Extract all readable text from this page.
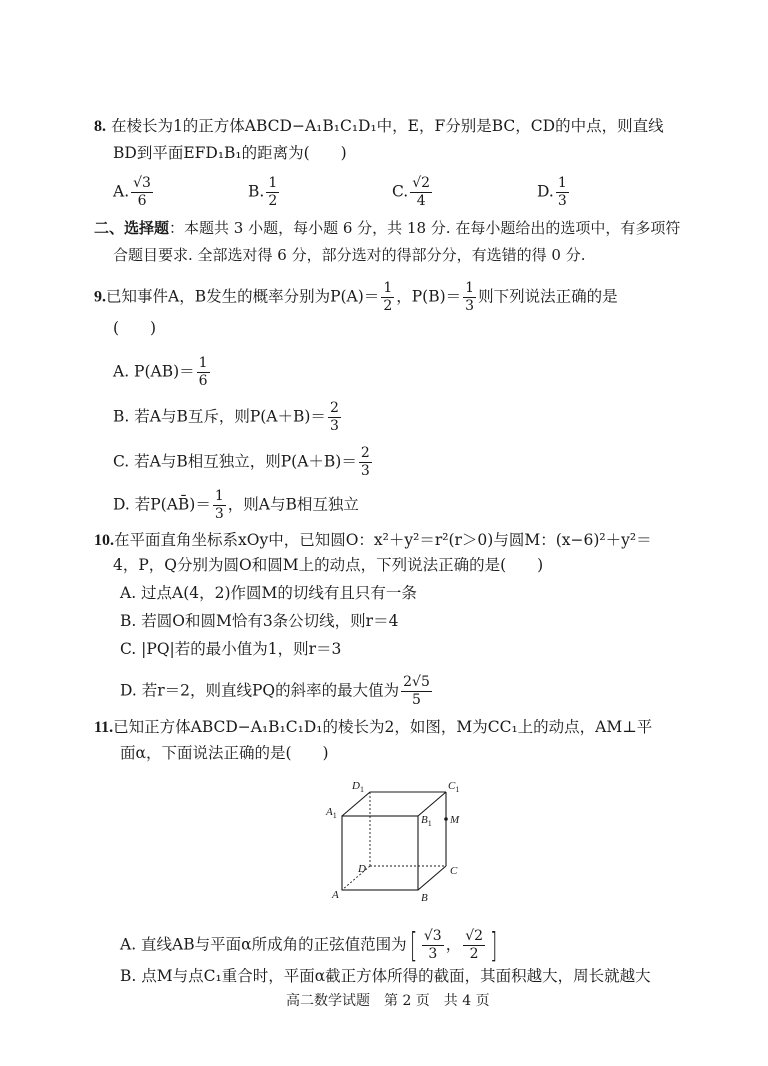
8. 在棱长为1的正方体ABCD−A₁B₁C₁D₁中，E，F分别是BC，CD的中点，则直线
BD到平面EFD₁B₁的距离为(　　)
A. $\frac{√3}{6}$	B. $\frac{1}{2}$	C. $\frac{√2}{4}$	D. $\frac{1}{3}$
二、选择题：本题共 3 小题，每小题 6 分，共 18 分. 在每小题给出的选项中，有多项符
合题目要求. 全部选对得 6 分，部分选对的得部分分，有选错的得 0 分.
9.已知事件A，B发生的概率分别为$P(A)= \frac{1}{2}$ ，$P(B)= \frac{1}{3}$ 则下列说法正确的是
(　　)
A. $P(AB)= \frac{1}{6}$
B. 若A与B互斥，则$P(A+B)= \frac{2}{3}$
C. 若A与B相互独立，则$P(A+B)= \frac{2}{3}$
D. 若P(AB̄)＝ $\frac{1}{3}$ ，则A与B相互独立
10.在平面直角坐标系xOy中，已知圆O：x²＋y²＝r²(r＞0)与圆M：(x−6)²＋y²＝
4，P，Q分别为圆O和圆M上的动点，下列说法正确的是(　　)
A. 过点A(4，2)作圆M的切线有且只有一条
B. 若圆O和圆M恰有3条公切线，则r＝4
C. |PQ|若的最小值为1，则r＝3
D. 若r＝2，则直线PQ的斜率的最大值为 $\frac{2√5}{5}$
11.已知正方体ABCD−A₁B₁C₁D₁的棱长为2，如图，M为CC₁上的动点，AM⊥平
面α，下面说法正确的是(　　)
$D_1$	$C_1$
$A_1$	$B_1$ M
D	C
A	B
A. 直线AB与平面α所成角的正弦值范围为[ $\frac{√3}{3}$ ， $\frac{√2}{2}$ ]
B. 点M与点C₁重合时，平面α截正方体所得的截面，其面积越大，周长就越大
高二数学试题　第 2 页　共 4 页
